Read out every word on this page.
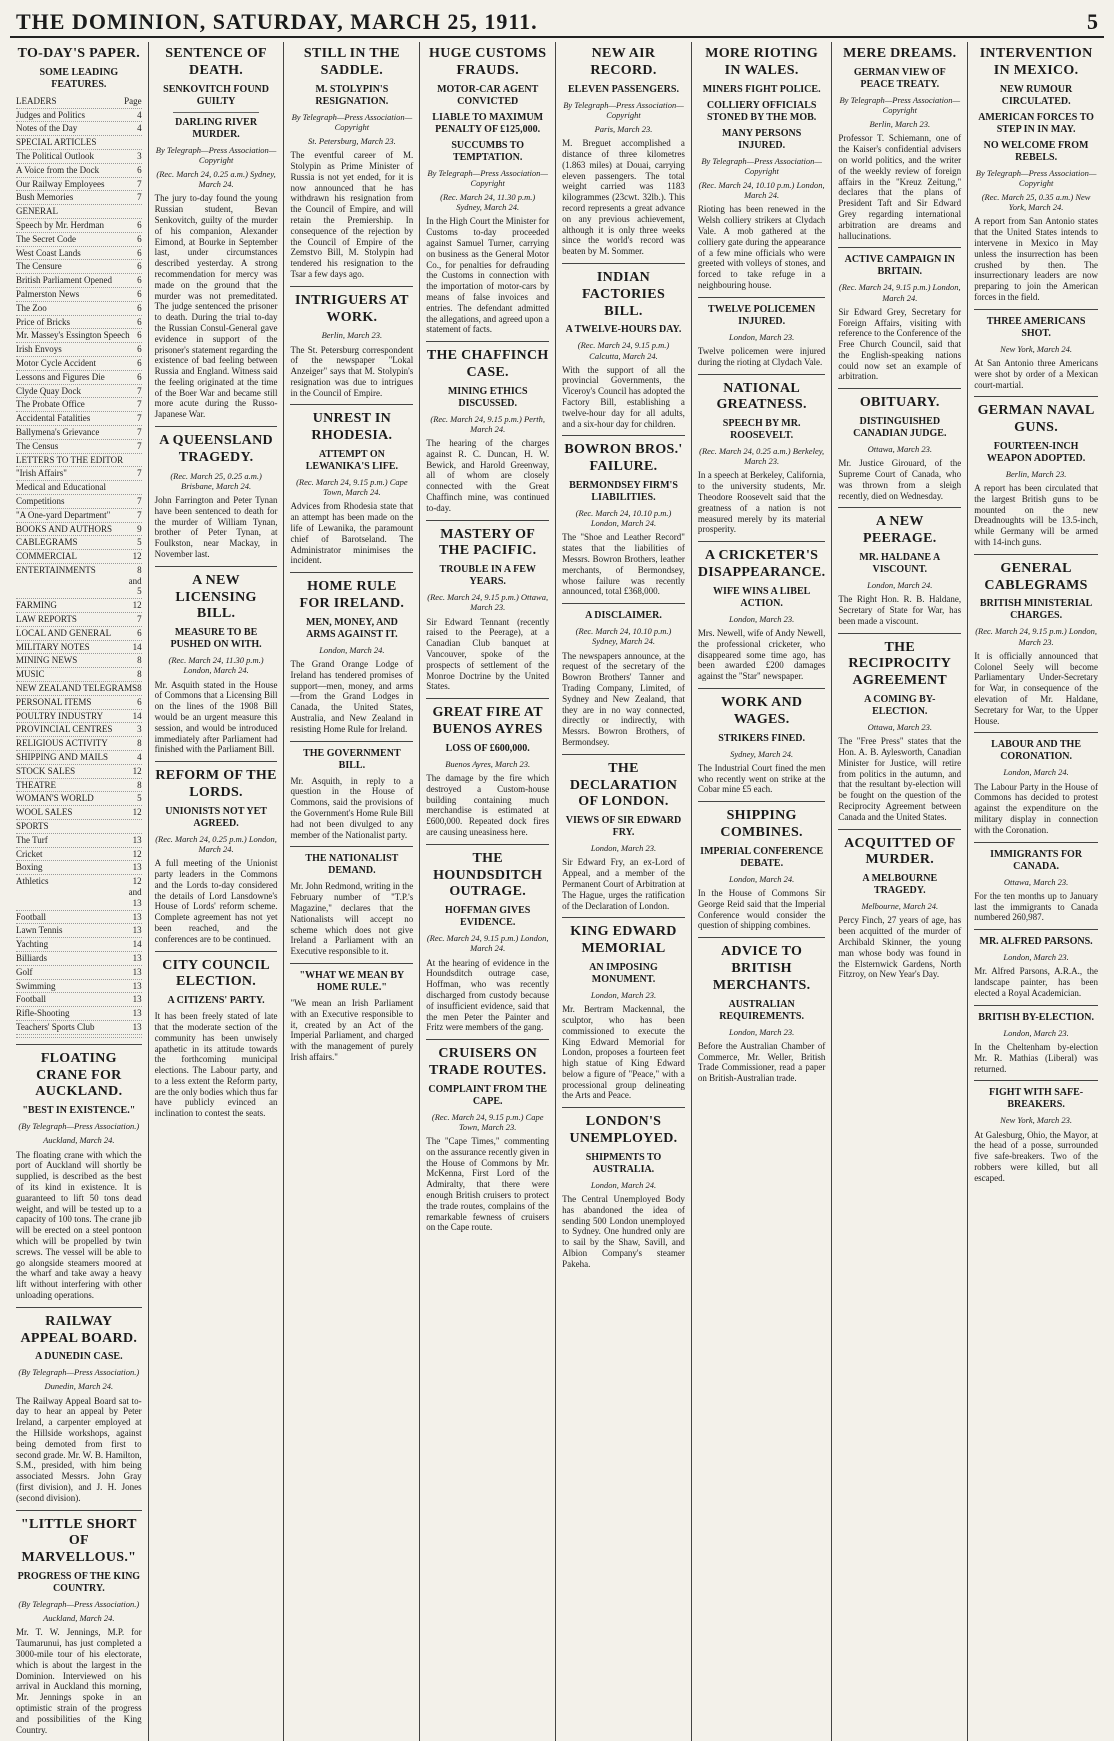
THE DOMINION, SATURDAY, MARCH 25, 1911.	5
TO-DAY'S PAPER.
SOME LEADING FEATURES.
LEADERS	Page
Judges and Politics	4
Notes of the Day	4
SPECIAL ARTICLES
The Political Outlook	3
A Voice from the Dock	6
Our Railway Employees	7
Bush Memories	7
GENERAL
Speech by Mr. Herdman	6
The Secret Code	6
West Coast Lands	6
The Censure	6
British Parliament Opened	6
Palmerston News	6
The Zoo	6
Price of Bricks	6
Mr. Massey's Essington Speech 6
Irish Envoys	6
Motor Cycle Accident	6
Lessons and Figures Die	6
Clyde Quay Dock	7
The Probate Office	7
Accidental Fatalities	7
Ballymena's Grievance	7
The Census	7
LETTERS TO THE EDITOR
"Irish Affairs"	7
Medical and Educational
Competitions	7
"A One-yard Department"	7
BOOKS AND AUTHORS	9
CABLEGRAMS	5
COMMERCIAL	12
ENTERTAINMENTS	8 and 5
FARMING	12
LAW REPORTS	7
LOCAL AND GENERAL	6
MILITARY NOTES	14
MINING NEWS	8
MUSIC	8
NEW ZEALAND TELEGRAMS 8
PERSONAL ITEMS	6
POULTRY INDUSTRY	14
PROVINCIAL CENTRES	3
RELIGIOUS ACTIVITY	8
SHIPPING AND MAILS	4
STOCK SALES	12
THEATRE	8
WOMAN'S WORLD	5
WOOL SALES	12
SPORTS
The Turf	13
Cricket	12
Boxing	13
Athletics	12 and 13
Football	13
Lawn Tennis	13
Yachting	14
Billiards	13
Golf	13
Swimming	13
Football	13
Rifle-Shooting	13
Teachers' Sports Club	13
FLOATING CRANE FOR AUCKLAND.
"BEST IN EXISTENCE."
(By Telegraph—Press Association.)
Auckland, March 24.

The floating crane with which the port of Auckland will shortly be supplied, is described as the best of its kind in existence. It is guaranteed to lift 50 tons dead weight, and will be tested up to a capacity of 100 tons. The crane jib will be erected on a steel pontoon which will be propelled by twin screws. The vessel will be able to go alongside steamers moored at the wharf and take away a heavy lift without interfering with other unloading operations.

RAILWAY APPEAL BOARD.
A DUNEDIN CASE.
(By Telegraph—Press Association.)
Dunedin, March 24.

The Railway Appeal Board sat to-day to hear an appeal by Peter Ireland, a carpenter employed at the Hillside workshops, against being demoted from first to second grade. Mr. W. B. Hamilton, S.M., presided, with him being associated Messrs. John Gray (first division), and J. H. Jones (second division).

"LITTLE SHORT OF MARVELLOUS."
PROGRESS OF THE KING COUNTRY.
(By Telegraph—Press Association.)
Auckland, March 24.

Mr. T. W. Jennings, M.P. for Taumarunui, has just completed a 3000-mile tour of his electorate, which is about the largest in the Dominion. Interviewed on his arrival in Auckland this morning, Mr. Jennings spoke in an optimistic strain of the progress and possibilities of the King Country.

SENTENCE OF DEATH.
SENKOVITCH FOUND GUILTY
DARLING RIVER MURDER.
By Telegraph—Press Association—Copyright
(Rec. March 24, 0.25 a.m.) Sydney, March 24.

The jury to-day found the young Russian student, Bevan Senkovitch, guilty of the murder of his companion, Alexander Eimond, at Bourke in September last, under circumstances described yesterday. A strong recommendation for mercy was made on the ground that the murder was not premeditated. The judge sentenced the prisoner to death. During the trial to-day the Russian Consul-General gave evidence in support of the prisoner's statement regarding the existence of bad feeling between Russia and England. Witness said the feeling originated at the time of the Boer War and became still more acute during the Russo-Japanese War.

A QUEENSLAND TRAGEDY.
(Rec. March 25, 0.25 a.m.) Brisbane, March 24.

John Farrington and Peter Tynan have been sentenced to death for the murder of William Tynan, brother of Peter Tynan, at Foulkston, near Mackay, in November last.

A NEW LICENSING BILL.
MEASURE TO BE PUSHED ON WITH.
(Rec. March 24, 11.30 p.m.) London, March 24.

Mr. Asquith stated in the House of Commons that a Licensing Bill on the lines of the 1908 Bill would be an urgent measure this session, and would be introduced immediately after Parliament had finished with the Parliament Bill.

REFORM OF THE LORDS.
UNIONISTS NOT YET AGREED.
(Rec. March 24, 0.25 p.m.) London, March 24.

A full meeting of the Unionist party leaders in the Commons and the Lords to-day considered the details of Lord Lansdowne's House of Lords' reform scheme. Complete agreement has not yet been reached, and the conferences are to be continued.

CITY COUNCIL ELECTION.
A CITIZENS' PARTY.

It has been freely stated of late that the moderate section of the community has been unwisely apathetic in its attitude towards the forthcoming municipal elections. The Labour party, and to a less extent the Reform party, are the only bodies which thus far have publicly evinced an inclination to contest the seats.

STILL IN THE SADDLE.
M. STOLYPIN'S RESIGNATION.
By Telegraph—Press Association—Copyright
St. Petersburg, March 23.

The eventful career of M. Stolypin as Prime Minister of Russia is not yet ended, for it is now announced that he has withdrawn his resignation from the Council of Empire, and will retain the Premiership. In consequence of the rejection by the Council of Empire of the Zemstvo Bill, M. Stolypin had tendered his resignation to the Tsar a few days ago.

INTRIGUERS AT WORK.
Berlin, March 23.

The St. Petersburg correspondent of the newspaper "Lokal Anzeiger" says that M. Stolypin's resignation was due to intrigues in the Council of Empire.

UNREST IN RHODESIA.
ATTEMPT ON LEWANIKA'S LIFE.
(Rec. March 24, 9.15 p.m.) Cape Town, March 24.

Advices from Rhodesia state that an attempt has been made on the life of Lewanika, the paramount chief of Barotseland. The Administrator minimises the incident.

HOME RULE FOR IRELAND.
MEN, MONEY, AND ARMS AGAINST IT.
London, March 24.

The Grand Orange Lodge of Ireland has tendered promises of support—men, money, and arms—from the Grand Lodges in Canada, the United States, Australia, and New Zealand in resisting Home Rule for Ireland.

THE GOVERNMENT BILL.

Mr. Asquith, in reply to a question in the House of Commons, said the provisions of the Government's Home Rule Bill had not been divulged to any member of the Nationalist party.

THE NATIONALIST DEMAND.

Mr. John Redmond, writing in the February number of "T.P.'s Magazine," declares that the Nationalists will accept no scheme which does not give Ireland a Parliament with an Executive responsible to it.

"WHAT WE MEAN BY HOME RULE."

"We mean an Irish Parliament with an Executive responsible to it, created by an Act of the Imperial Parliament, and charged with the management of purely Irish affairs."

HUGE CUSTOMS FRAUDS.
MOTOR-CAR AGENT CONVICTED
LIABLE TO MAXIMUM PENALTY OF £125,000.
SUCCUMBS TO TEMPTATION.
By Telegraph—Press Association—Copyright
(Rec. March 24, 11.30 p.m.) Sydney, March 24.

In the High Court the Minister for Customs to-day proceeded against Samuel Turner, carrying on business as the General Motor Co., for penalties for defrauding the Customs in connection with the importation of motor-cars by means of false invoices and entries. The defendant admitted the allegations, and agreed upon a statement of facts.

THE CHAFFINCH CASE.
MINING ETHICS DISCUSSED.
(Rec. March 24, 9.15 p.m.) Perth, March 24.

The hearing of the charges against R. C. Duncan, H. W. Bewick, and Harold Greenway, all of whom are closely connected with the Great Chaffinch mine, was continued to-day.

MASTERY OF THE PACIFIC.
TROUBLE IN A FEW YEARS.
(Rec. March 24, 9.15 p.m.) Ottawa, March 23.

Sir Edward Tennant (recently raised to the Peerage), at a Canadian Club banquet at Vancouver, spoke of the prospects of settlement of the Monroe Doctrine by the United States.

GREAT FIRE AT BUENOS AYRES
LOSS OF £600,000.
Buenos Ayres, March 23.

The damage by the fire which destroyed a Custom-house building containing much merchandise is estimated at £600,000. Repeated dock fires are causing uneasiness here.

THE HOUNDSDITCH OUTRAGE.
HOFFMAN GIVES EVIDENCE.
(Rec. March 24, 9.15 p.m.) London, March 24.

At the hearing of evidence in the Houndsditch outrage case, Hoffman, who was recently discharged from custody because of insufficient evidence, said that the men Peter the Painter and Fritz were members of the gang.

CRUISERS ON TRADE ROUTES.
COMPLAINT FROM THE CAPE.
(Rec. March 24, 9.15 p.m.) Cape Town, March 23.

The "Cape Times," commenting on the assurance recently given in the House of Commons by Mr. McKenna, First Lord of the Admiralty, that there were enough British cruisers to protect the trade routes, complains of the remarkable fewness of cruisers on the Cape route.

NEW AIR RECORD.
ELEVEN PASSENGERS.
By Telegraph—Press Association—Copyright
Paris, March 23.

M. Breguet accomplished a distance of three kilometres (1.863 miles) at Douai, carrying eleven passengers. The total weight carried was 1183 kilogrammes (23cwt. 32lb.). This record represents a great advance on any previous achievement, although it is only three weeks since the world's record was beaten by M. Sommer.

INDIAN FACTORIES BILL.
A TWELVE-HOURS DAY.
(Rec. March 24, 9.15 p.m.) Calcutta, March 24.

With the support of all the provincial Governments, the Viceroy's Council has adopted the Factory Bill, establishing a twelve-hour day for all adults, and a six-hour day for children.

BOWRON BROS.' FAILURE.
BERMONDSEY FIRM'S LIABILITIES.
(Rec. March 24, 10.10 p.m.) London, March 24.

The "Shoe and Leather Record" states that the liabilities of Messrs. Bowron Brothers, leather merchants, of Bermondsey, whose failure was recently announced, total £368,000.

A DISCLAIMER.
(Rec. March 24, 10.10 p.m.) Sydney, March 24.

The newspapers announce, at the request of the secretary of the Bowron Brothers' Tanner and Trading Company, Limited, of Sydney and New Zealand, that they are in no way connected, directly or indirectly, with Messrs. Bowron Brothers, of Bermondsey.

THE DECLARATION OF LONDON.
VIEWS OF SIR EDWARD FRY.
London, March 23.

Sir Edward Fry, an ex-Lord of Appeal, and a member of the Permanent Court of Arbitration at The Hague, urges the ratification of the Declaration of London.

KING EDWARD MEMORIAL
AN IMPOSING MONUMENT.
London, March 23.

Mr. Bertram Mackennal, the sculptor, who has been commissioned to execute the King Edward Memorial for London, proposes a fourteen feet high statue of King Edward below a figure of "Peace," with a processional group delineating the Arts and Peace.

LONDON'S UNEMPLOYED.
SHIPMENTS TO AUSTRALIA.
London, March 24.

The Central Unemployed Body has abandoned the idea of sending 500 London unemployed to Sydney. One hundred only are to sail by the Shaw, Savill, and Albion Company's steamer Pakeha.

MORE RIOTING IN WALES.
MINERS FIGHT POLICE.
COLLIERY OFFICIALS STONED BY THE MOB.
MANY PERSONS INJURED.
By Telegraph—Press Association—Copyright
(Rec. March 24, 10.10 p.m.) London, March 24.

Rioting has been renewed in the Welsh colliery strikers at Clydach Vale. A mob gathered at the colliery gate during the appearance of a few mine officials who were greeted with volleys of stones, and forced to take refuge in a neighbouring house.

TWELVE POLICEMEN INJURED.
London, March 23.

Twelve policemen were injured during the rioting at Clydach Vale.

NATIONAL GREATNESS.
SPEECH BY MR. ROOSEVELT.
(Rec. March 24, 0.25 a.m.) Berkeley, March 23.

In a speech at Berkeley, California, to the university students, Mr. Theodore Roosevelt said that the greatness of a nation is not measured merely by its material prosperity.

A CRICKETER'S DISAPPEARANCE.
WIFE WINS A LIBEL ACTION.
London, March 23.

Mrs. Newell, wife of Andy Newell, the professional cricketer, who disappeared some time ago, has been awarded £200 damages against the "Star" newspaper.

WORK AND WAGES.
STRIKERS FINED.
Sydney, March 24.

The Industrial Court fined the men who recently went on strike at the Cobar mine £5 each.

SHIPPING COMBINES.
IMPERIAL CONFERENCE DEBATE.
London, March 24.

In the House of Commons Sir George Reid said that the Imperial Conference would consider the question of shipping combines.

ADVICE TO BRITISH MERCHANTS.
AUSTRALIAN REQUIREMENTS.
London, March 23.

Before the Australian Chamber of Commerce, Mr. Weller, British Trade Commissioner, read a paper on British-Australian trade.

MERE DREAMS.
GERMAN VIEW OF PEACE TREATY.
By Telegraph—Press Association—Copyright
Berlin, March 23.

Professor T. Schiemann, one of the Kaiser's confidential advisers on world politics, and the writer of the weekly review of foreign affairs in the "Kreuz Zeitung," declares that the plans of President Taft and Sir Edward Grey regarding international arbitration are dreams and hallucinations.

ACTIVE CAMPAIGN IN BRITAIN.
(Rec. March 24, 9.15 p.m.) London, March 24.

Sir Edward Grey, Secretary for Foreign Affairs, visiting with reference to the Conference of the Free Church Council, said that the English-speaking nations could now set an example of arbitration.

OBITUARY.
DISTINGUISHED CANADIAN JUDGE.
Ottawa, March 23.

Mr. Justice Girouard, of the Supreme Court of Canada, who was thrown from a sleigh recently, died on Wednesday.

A NEW PEERAGE.
MR. HALDANE A VISCOUNT.
London, March 24.

The Right Hon. R. B. Haldane, Secretary of State for War, has been made a viscount.

THE RECIPROCITY AGREEMENT
A COMING BY-ELECTION.
Ottawa, March 23.

The "Free Press" states that the Hon. A. B. Aylesworth, Canadian Minister for Justice, will retire from politics in the autumn, and that the resultant by-election will be fought on the question of the Reciprocity Agreement between Canada and the United States.

ACQUITTED OF MURDER.
A MELBOURNE TRAGEDY.
Melbourne, March 24.

Percy Finch, 27 years of age, has been acquitted of the murder of Archibald Skinner, the young man whose body was found in the Elsternwick Gardens, North Fitzroy, on New Year's Day.

INTERVENTION IN MEXICO.
NEW RUMOUR CIRCULATED.
AMERICAN FORCES TO STEP IN IN MAY.
NO WELCOME FROM REBELS.
By Telegraph—Press Association—Copyright
(Rec. March 25, 0.35 a.m.) New York, March 24.

A report from San Antonio states that the United States intends to intervene in Mexico in May unless the insurrection has been crushed by then. The insurrectionary leaders are now preparing to join the American forces in the field.

THREE AMERICANS SHOT.
New York, March 24.

At San Antonio three Americans were shot by order of a Mexican court-martial.

GERMAN NAVAL GUNS.
FOURTEEN-INCH WEAPON ADOPTED.
Berlin, March 23.

A report has been circulated that the largest British guns to be mounted on the new Dreadnoughts will be 13.5-inch, while Germany will be armed with 14-inch guns.

GENERAL CABLEGRAMS
BRITISH MINISTERIAL CHARGES.
(Rec. March 24, 9.15 p.m.) London, March 23.

It is officially announced that Colonel Seely will become Parliamentary Under-Secretary for War, in consequence of the elevation of Mr. Haldane, Secretary for War, to the Upper House.

LABOUR AND THE CORONATION.
London, March 24.

The Labour Party in the House of Commons has decided to protest against the expenditure on the military display in connection with the Coronation.

IMMIGRANTS FOR CANADA.
Ottawa, March 23.

For the ten months up to January last the immigrants to Canada numbered 260,987.

MR. ALFRED PARSONS.
London, March 23.

Mr. Alfred Parsons, A.R.A., the landscape painter, has been elected a Royal Academician.

BRITISH BY-ELECTION.
London, March 23.

In the Cheltenham by-election Mr. R. Mathias (Liberal) was returned.

FIGHT WITH SAFE-BREAKERS.
New York, March 23.

At Galesburg, Ohio, the Mayor, at the head of a posse, surrounded five safe-breakers. Two of the robbers were killed, but all escaped.
